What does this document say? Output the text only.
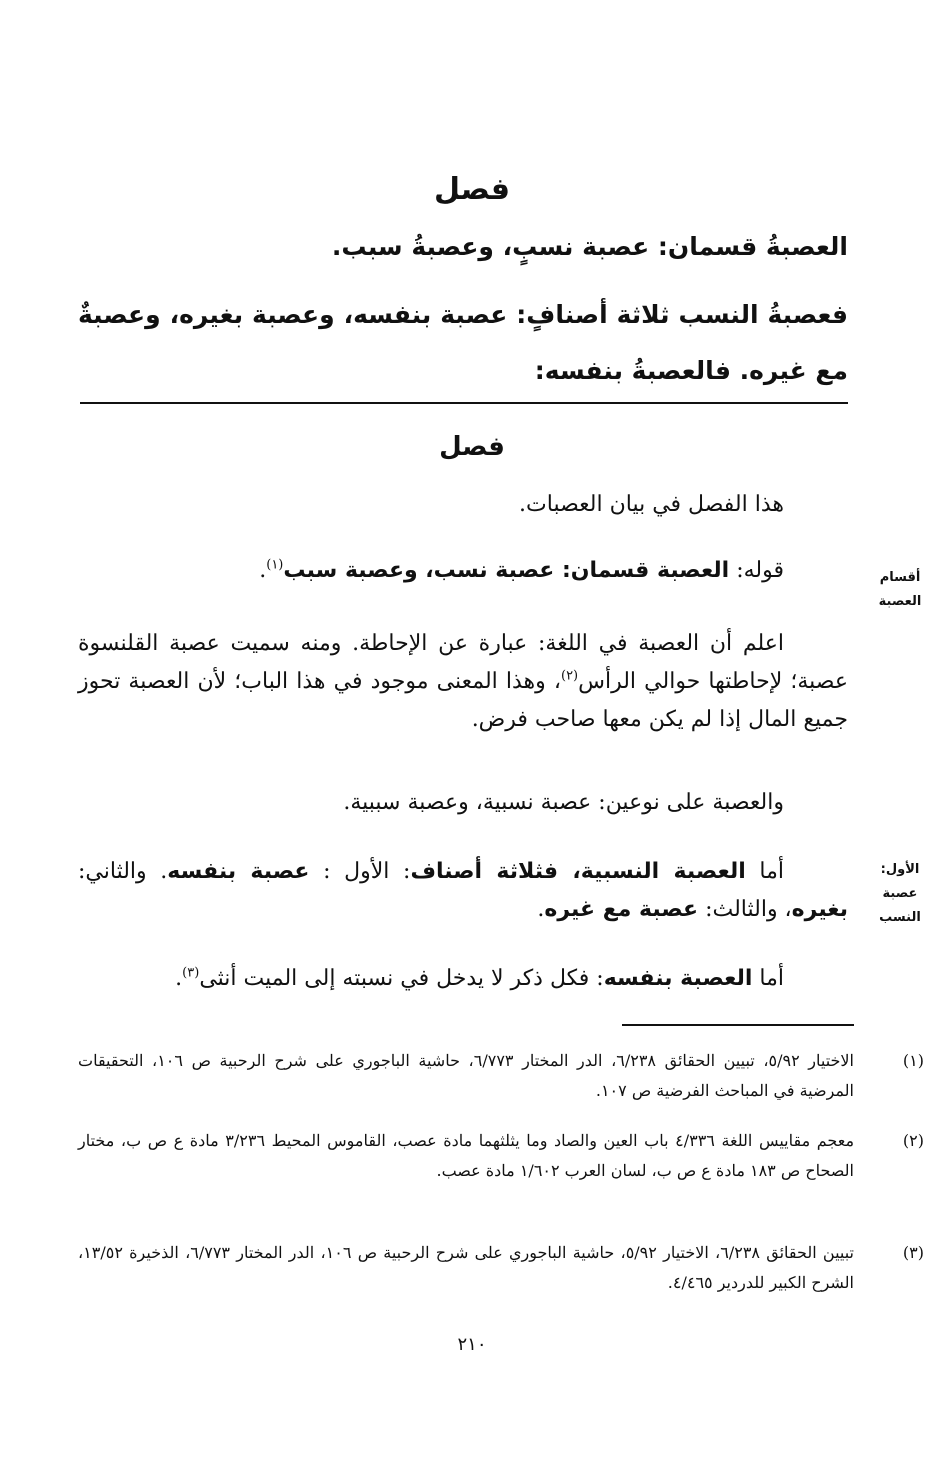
فصل
العصبةُ قسمان: عصبة نسبٍ، وعصبةُ سبب.
فعصبةُ النسب ثلاثة أصنافٍ: عصبة بنفسه، وعصبة بغيره، وعصبةٌ مع غيره. فالعصبةُ بنفسه:
فصل
هذا الفصل في بيان العصبات.
قوله: العصبة قسمان: عصبة نسب، وعصبة سبب$^{(١)}$.
اعلم أن العصبة في اللغة: عبارة عن الإحاطة. ومنه سميت عصبة القلنسوة عصبة؛ لإحاطتها حوالي الرأس$^{(٢)}$، وهذا المعنى موجود في هذا الباب؛ لأن العصبة تحوز جميع المال إذا لم يكن معها صاحب فرض.
والعصبة على نوعين: عصبة نسبية، وعصبة سببية.
أما العصبة النسبية، فثلاثة أصناف: الأول : عصبة بنفسه. والثاني: بغيره، والثالث: عصبة مع غيره.
أما العصبة بنفسه: فكل ذكر لا يدخل في نسبته إلى الميت أنثى$^{(٣)}$.
أقسام العصبة
الأول: عصبة النسب
(١)
الاختيار ٥/٩٢، تبيين الحقائق ٦/٢٣٨، الدر المختار ٦/٧٧٣، حاشية الباجوري على شرح الرحبية ص ١٠٦، التحقيقات المرضية في المباحث الفرضية ص ١٠٧.
(٢)
معجم مقاييس اللغة ٤/٣٣٦ باب العين والصاد وما يثلثهما مادة عصب، القاموس المحيط ٣/٢٣٦ مادة ع ص ب، مختار الصحاح ص ١٨٣ مادة ع ص ب، لسان العرب ١/٦٠٢ مادة عصب.
(٣)
تبيين الحقائق ٦/٢٣٨، الاختيار ٥/٩٢، حاشية الباجوري على شرح الرحبية ص ١٠٦، الدر المختار ٦/٧٧٣، الذخيرة ١٣/٥٢، الشرح الكبير للدردير ٤/٤٦٥.
٢١٠
